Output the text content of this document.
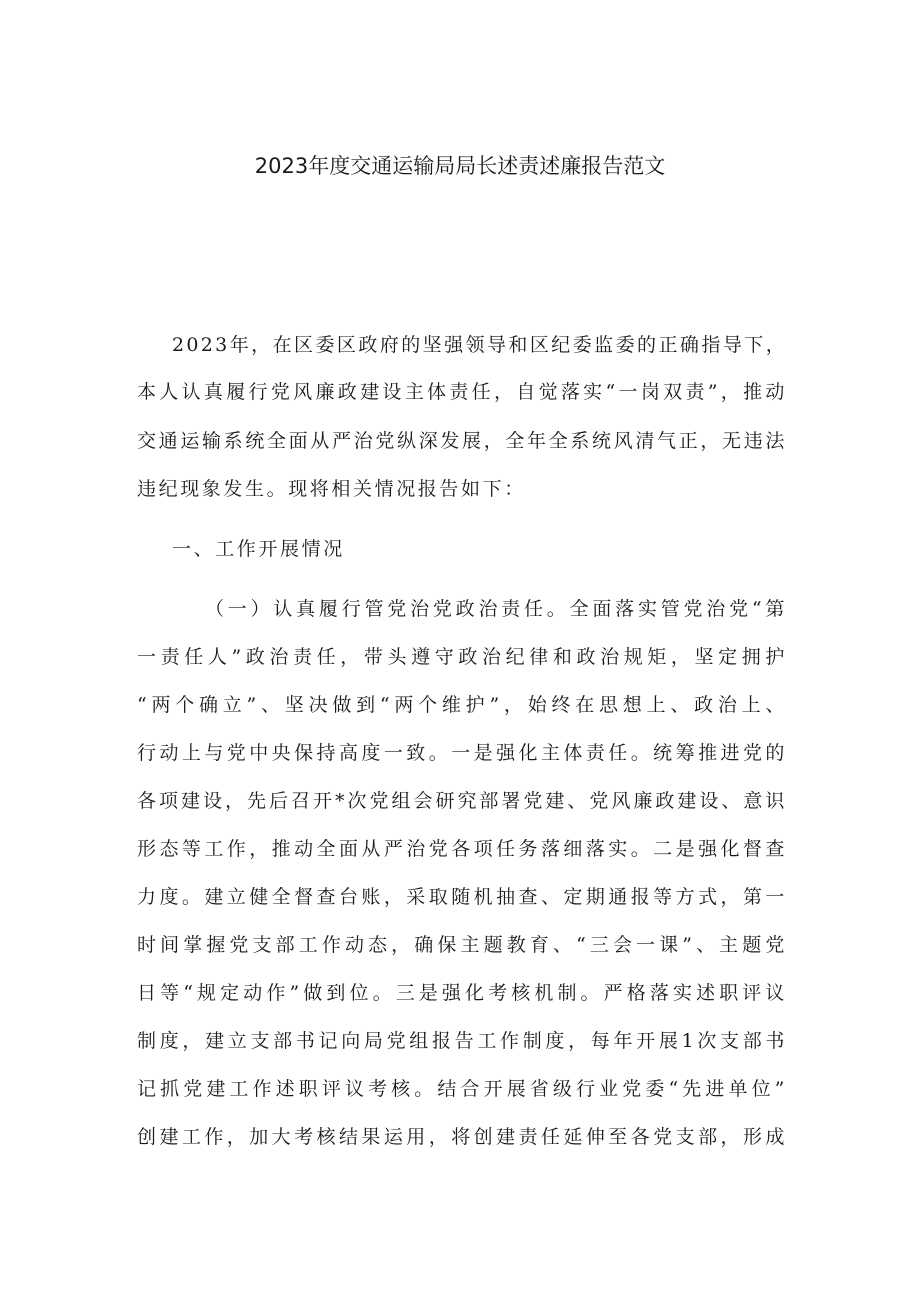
2023年度交通运输局局长述责述廉报告范文
2023年，在区委区政府的坚强领导和区纪委监委的正确指导下，
本人认真履行党风廉政建设主体责任，自觉落实“一岗双责”，推动
交通运输系统全面从严治党纵深发展，全年全系统风清气正，无违法
违纪现象发生。现将相关情况报告如下：
一、工作开展情况
（一）认真履行管党治党政治责任。全面落实管党治党“第
一责任人”政治责任，带头遵守政治纪律和政治规矩，坚定拥护
“两个确立”、坚决做到“两个维护”，始终在思想上、政治上、
行动上与党中央保持高度一致。一是强化主体责任。统筹推进党的
各项建设，先后召开*次党组会研究部署党建、党风廉政建设、意识
形态等工作，推动全面从严治党各项任务落细落实。二是强化督查
力度。建立健全督查台账，采取随机抽查、定期通报等方式，第一
时间掌握党支部工作动态，确保主题教育、“三会一课”、主题党
日等“规定动作”做到位。三是强化考核机制。严格落实述职评议
制度，建立支部书记向局党组报告工作制度，每年开展1次支部书
记抓党建工作述职评议考核。结合开展省级行业党委“先进单位”
创建工作，加大考核结果运用，将创建责任延伸至各党支部，形成
